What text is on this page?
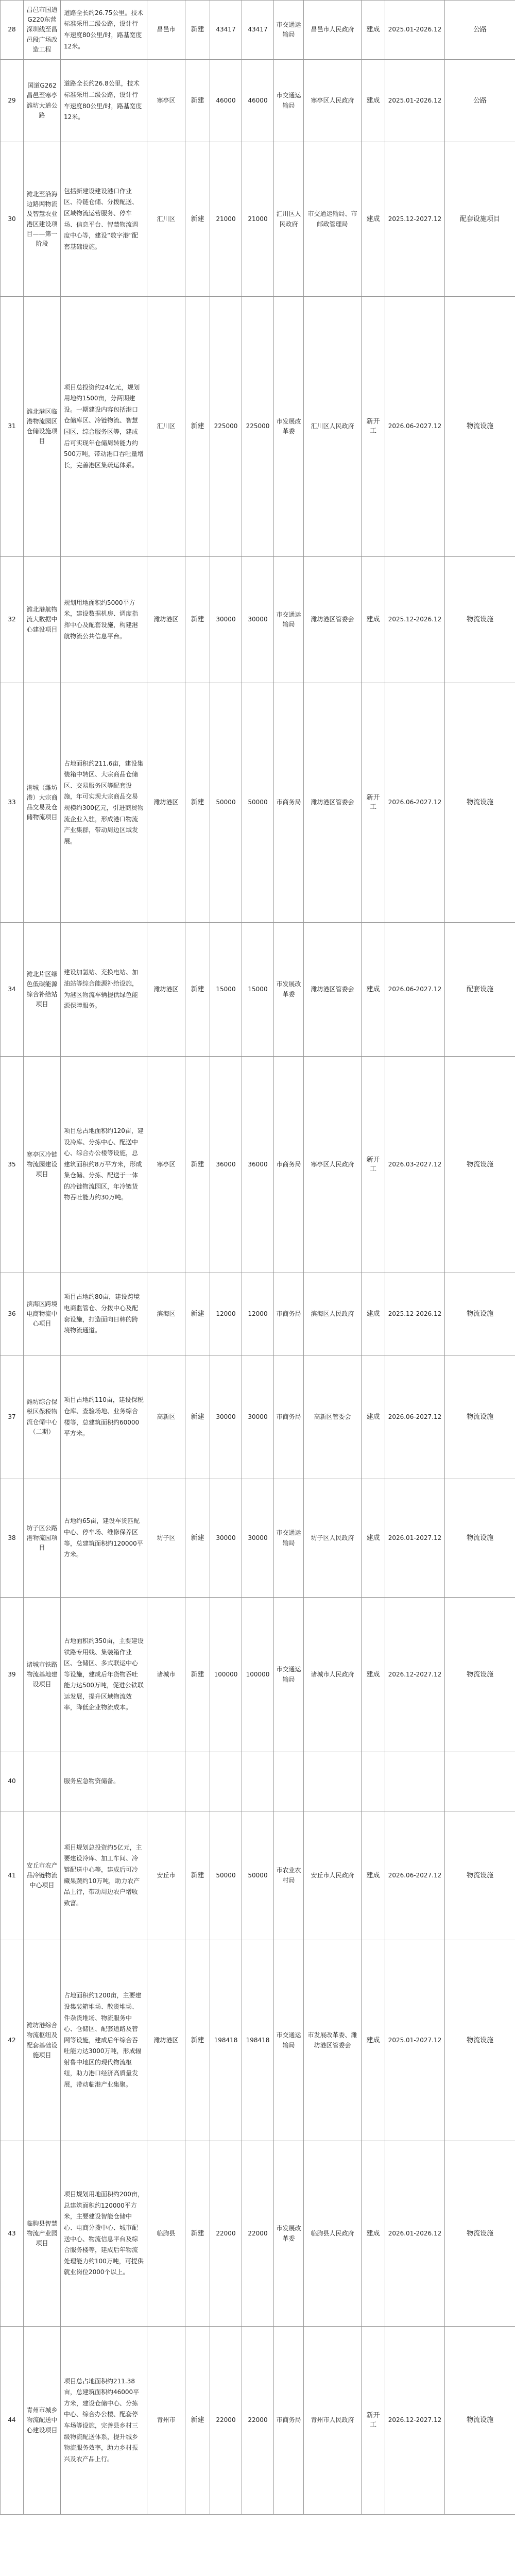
28	昌邑市国道G220东营深圳线至昌邑段广场改造工程	道路全长约26.75公里。技术标准采用二级公路，设计行车速度80公里/时，路基宽度12米。	昌邑市	新建	43417	43417	市交通运输局	昌邑市人民政府	建成	2025.01-2026.12	公路
29	国道G262昌邑至寒亭潍坊大道公路	道路全长约26.8公里，技术标准采用二级公路，设计行车速度80公里/时，路基宽度12米。	寒亭区	新建	46000	46000	市交通运输局	寒亭区人民政府	建成	2025.01-2026.12	公路
30	潍北至沿海边路网物流及智慧农业港区建设项目——第一阶段	包括新建设建设港口作业区、冷链仓储、分拨配送、区域物流运营服务、停车场、信息平台、智慧物流调度中心等，建设“数字港”配套基础设施。	汇川区	新建	21000	21000	汇川区人民政府	市交通运输局、市邮政管理局	建成	2025.12-2027.12	配套设施项目
31	潍北港区临港物流园区仓储设施项目	项目总投资约24亿元，规划用地约1500亩，分两期建设。一期建设内容包括港口仓储库区、冷链物流、智慧园区、综合服务区等，建成后可实现年仓储周转能力约500万吨，带动港口吞吐量增长，完善港区集疏运体系。	汇川区	新建	225000	225000	市发展改革委	汇川区人民政府	新开工	2026.06-2027.12	物流设施
32	潍北港航物流大数据中心建设项目	规划用地面积约5000平方米，建设数据机房、调度指挥中心及配套设施，构建港航物流公共信息平台。	潍坊港区	新建	30000	30000	市交通运输局	潍坊港区管委会	建成	2025.12-2026.12	物流设施
33	港城（潍坊港）大宗商品交易及仓储物流项目	占地面积约211.6亩，建设集装箱中转区、大宗商品仓储区、交易服务区等配套设施，年可实现大宗商品交易规模约300亿元，引进商贸物流企业入驻，形成港口物流产业集群，带动周边区域发展。	潍坊港区	新建	50000	50000	市商务局	潍坊港区管委会	新开工	2026.06-2027.12	物流设施
34	潍北片区绿色低碳能源综合补给站项目	建设加氢站、充换电站、加油站等综合能源补给设施，为港区物流车辆提供绿色能源保障服务。	潍坊港区	新建	15000	15000	市发展改革委	潍坊港区管委会	建成	2026.06-2027.12	配套设施
35	寒亭区冷链物流园建设项目	项目总占地面积约120亩，建设冷库、分拣中心、配送中心、综合办公楼等设施，总建筑面积约8万平方米，形成集仓储、分拣、配送于一体的冷链物流园区，年冷链货物吞吐能力约30万吨。	寒亭区	新建	36000	36000	市商务局	寒亭区人民政府	新开工	2026.03-2027.12	物流设施
36	滨海区跨境电商物流中心项目	项目占地约80亩，建设跨境电商监管仓、分拨中心及配套设施，打造面向日韩的跨境物流通道。	滨海区	新建	12000	12000	市商务局	滨海区人民政府	建成	2025.12-2026.12	物流设施
37	潍坊综合保税区保税物流仓储中心（二期）	项目占地约110亩，建设保税仓库、查验场地、业务综合楼等，总建筑面积约60000平方米。	高新区	新建	30000	30000	市商务局	高新区管委会	建成	2026.06-2027.12	物流设施
38	坊子区公路港物流园项目	占地约65亩，建设车货匹配中心、停车场、维修保养区等，总建筑面积约120000平方米。	坊子区	新建	30000	30000	市交通运输局	坊子区人民政府	建成	2026.01-2027.12	物流设施
39	诸城市铁路物流基地建设项目	占地面积约350亩，主要建设铁路专用线、集装箱作业区、仓储区、多式联运中心等设施，建成后年货物吞吐能力达500万吨，促进公铁联运发展，提升区域物流效率，降低企业物流成本。	诸城市	新建	100000	100000	市交通运输局	诸城市人民政府	建成	2026.12-2027.12	物流设施
40		服务应急物资储备。									
41	安丘市农产品冷链物流中心项目	项目规划总投资约5亿元，主要建设冷库、加工车间、冷链配送中心等，建成后可冷藏果蔬约10万吨，助力农产品上行，带动周边农户增收致富。	安丘市	新建	50000	50000	市农业农村局	安丘市人民政府	建成	2026.06-2027.12	物流设施
42	潍坊港综合物流枢纽及配套基础设施项目	占地面积约1200亩，主要建设集装箱堆场、散货堆场、件杂货堆场、物流服务中心、仓储区、配套道路及管网等设施，建成后年综合吞吐能力达3000万吨，形成辐射鲁中地区的现代物流枢纽，助力港口经济高质量发展，带动临港产业集聚。	潍坊港区	新建	198418	198418	市交通运输局	市发展改革委、潍坊港区管委会	建成	2025.01-2027.12	物流设施
43	临朐县智慧物流产业园项目	项目规划用地面积约200亩，总建筑面积约120000平方米，主要建设智能仓储中心、电商分拨中心、城市配送中心、物流信息平台及综合服务楼等，建成后年物流处理能力约100万吨，可提供就业岗位2000个以上。	临朐县	新建	22000	22000	市发展改革委	临朐县人民政府	建成	2026.01-2026.12	物流设施
44	青州市城乡物流配送中心建设项目	项目总占地面积约211.38亩，总建筑面积约46000平方米，建设仓储中心、分拣中心、综合办公楼、配套停车场等设施，完善县乡村三级物流配送体系，提升城乡物流服务效率，助力乡村振兴及农产品上行。	青州市	新建	22000	22000	市商务局	青州市人民政府	新开工	2026.12-2027.12	物流设施
